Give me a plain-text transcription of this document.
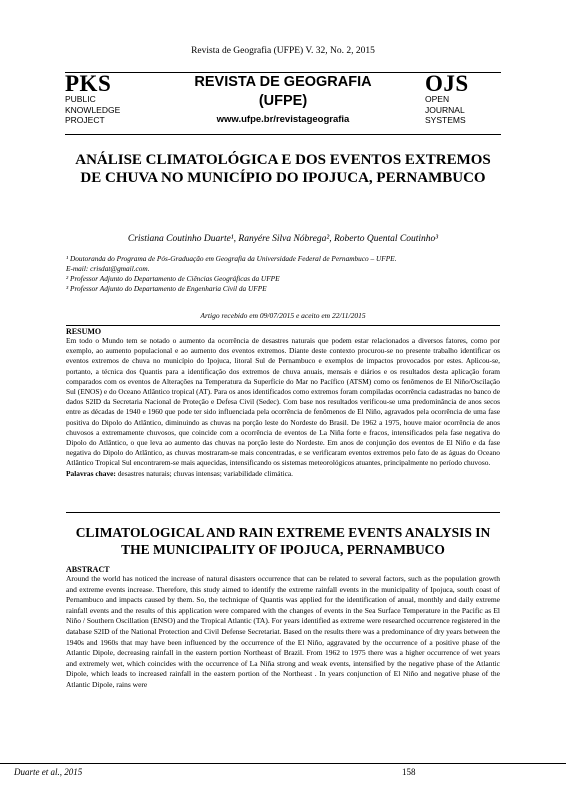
Revista de Geografia (UFPE) V. 32, No. 2, 2015
PKS
PUBLIC
KNOWLEDGE
PROJECT
REVISTA DE GEOGRAFIA
(UFPE)
www.ufpe.br/revistageografia
OJS
OPEN
JOURNAL
SYSTEMS
ANÁLISE CLIMATOLÓGICA E DOS EVENTOS EXTREMOS DE CHUVA NO MUNICÍPIO DO IPOJUCA, PERNAMBUCO
Cristiana Coutinho Duarte¹, Ranyére Silva Nóbrega², Roberto Quental Coutinho³
¹ Doutoranda do Programa de Pós-Graduação em Geografia da Universidade Federal de Pernambuco – UFPE.
E-mail: crisdat@gmail.com.
² Professor Adjunto do Departamento de Ciências Geográficas da UFPE
³ Professor Adjunto do Departamento de Engenharia Civil da UFPE
Artigo recebido em 09/07/2015 e aceito em 22/11/2015
RESUMO
Em todo o Mundo tem se notado o aumento da ocorrência de desastres naturais que podem estar relacionados a diversos fatores, como por exemplo, ao aumento populacional e ao aumento dos eventos extremos. Diante deste contexto procurou-se no presente trabalho identificar os eventos extremos de chuva no município do Ipojuca, litoral Sul de Pernambuco e exemplos de impactos provocados por estes. Aplicou-se, portanto, a técnica dos Quantis para a identificação dos extremos de chuva anuais, mensais e diários e os resultados desta aplicação foram comparados com os eventos de Alterações na Temperatura da Superfície do Mar no Pacífico (ATSM) como os fenômenos de El Niño/Oscilação Sul (ENOS) e do Oceano Atlântico tropical (AT). Para os anos identificados como extremos foram compiladas ocorrência cadastradas no banco de dados S2ID da Secretaria Nacional de Proteção e Defesa Civil (Sedec). Com base nos resultados verificou-se uma predominância de anos secos entre as décadas de 1940 e 1960 que pode ter sido influenciada pela ocorrência de fenômenos de El Niño, agravados pela ocorrência de uma fase positiva do Dipolo do Atlântico, diminuindo as chuvas na porção leste do Nordeste do Brasil. De 1962 a 1975, houve maior ocorrência de anos chuvosos a extremamente chuvosos, que coincide com a ocorrência de eventos de La Niña forte e fracos, intensificados pela fase negativa do Dipolo do Atlântico, o que leva ao aumento das chuvas na porção leste do Nordeste. Em anos de conjunção dos eventos de El Niño e da fase negativa do Dipolo do Atlântico, as chuvas mostraram-se mais concentradas, e se verificaram eventos extremos pelo fato de as águas do Oceano Atlântico Tropical Sul encontrarem-se mais aquecidas, intensificando os sistemas meteorológicos atuantes, principalmente no período chuvoso.
Palavras chave: desastres naturais; chuvas intensas; variabilidade climática.
CLIMATOLOGICAL AND RAIN EXTREME EVENTS ANALYSIS IN THE MUNICIPALITY OF IPOJUCA, PERNAMBUCO
ABSTRACT
Around the world has noticed the increase of natural disasters occurrence that can be related to several factors, such as the population growth and extreme events increase. Therefore, this study aimed to identify the extreme rainfall events in the municipality of Ipojuca, south coast of Pernambuco and impacts caused by them. So, the technique of Quantis was applied for the identification of anual, monthly and daily extreme rainfall events and the results of this application were compared with the changes of events in the Sea Surface Temperature in the Pacific as El Niño / Southern Oscillation (ENSO) and the Tropical Atlantic (TA). For years identified as extreme were researched occurrence registered in the database S2ID of the National Protection and Civil Defense Secretariat. Based on the results there was a predominance of dry years between the 1940s and 1960s that may have been influenced by the occurrence of the El Niño, aggravated by the occurrence of a positive phase of the Atlantic Dipole, decreasing rainfall in the eastern portion Northeast of Brazil. From 1962 to 1975 there was a higher occurrence of wet years and extremely wet, which coincides with the occurrence of La Niña strong and weak events, intensified by the negative phase of the Atlantic Dipole, which leads to increased rainfall in the eastern portion of the Northeast . In years conjunction of El Niño and negative phase of the Atlantic Dipole, rains were
Duarte et al., 2015	158
